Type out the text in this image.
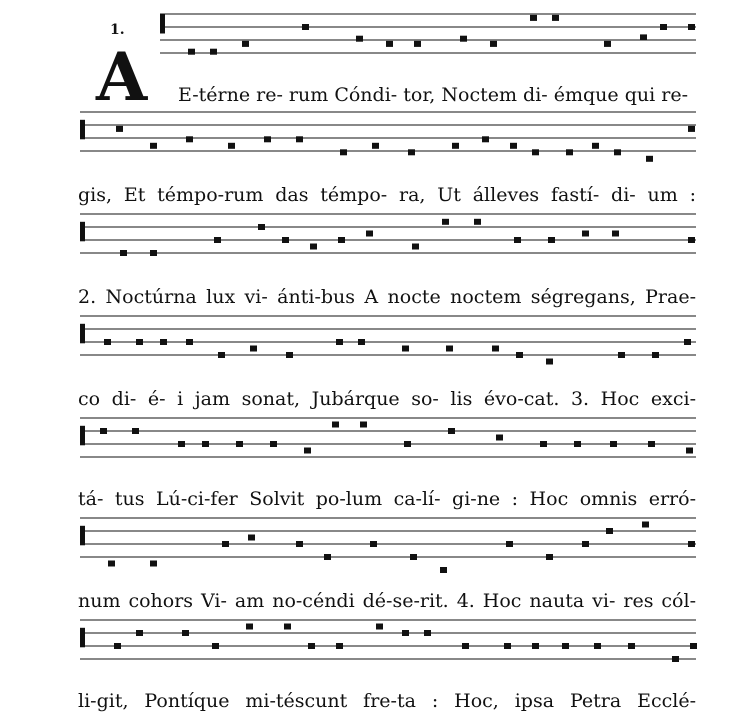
1.
A E-térne re- rum Cóndi- tor, Noctem di- émque qui re-
gis, Et témpo-rum das témpo- ra, Ut álleves fastí- di- um :
2. Noctúrna lux vi- ánti-bus A nocte noctem ségregans, Prae-
co di- é- i jam sonat, Jubárque so- lis évo-cat. 3. Hoc exci-
tá- tus Lú-ci-fer Solvit po-lum ca-lí- gi-ne : Hoc omnis erró-
num cohors Vi- am no-céndi dé-se-rit. 4. Hoc nauta vi- res cól-
li-git, Pontíque mi-téscunt fre-ta : Hoc, ipsa Petra Ecclé-
